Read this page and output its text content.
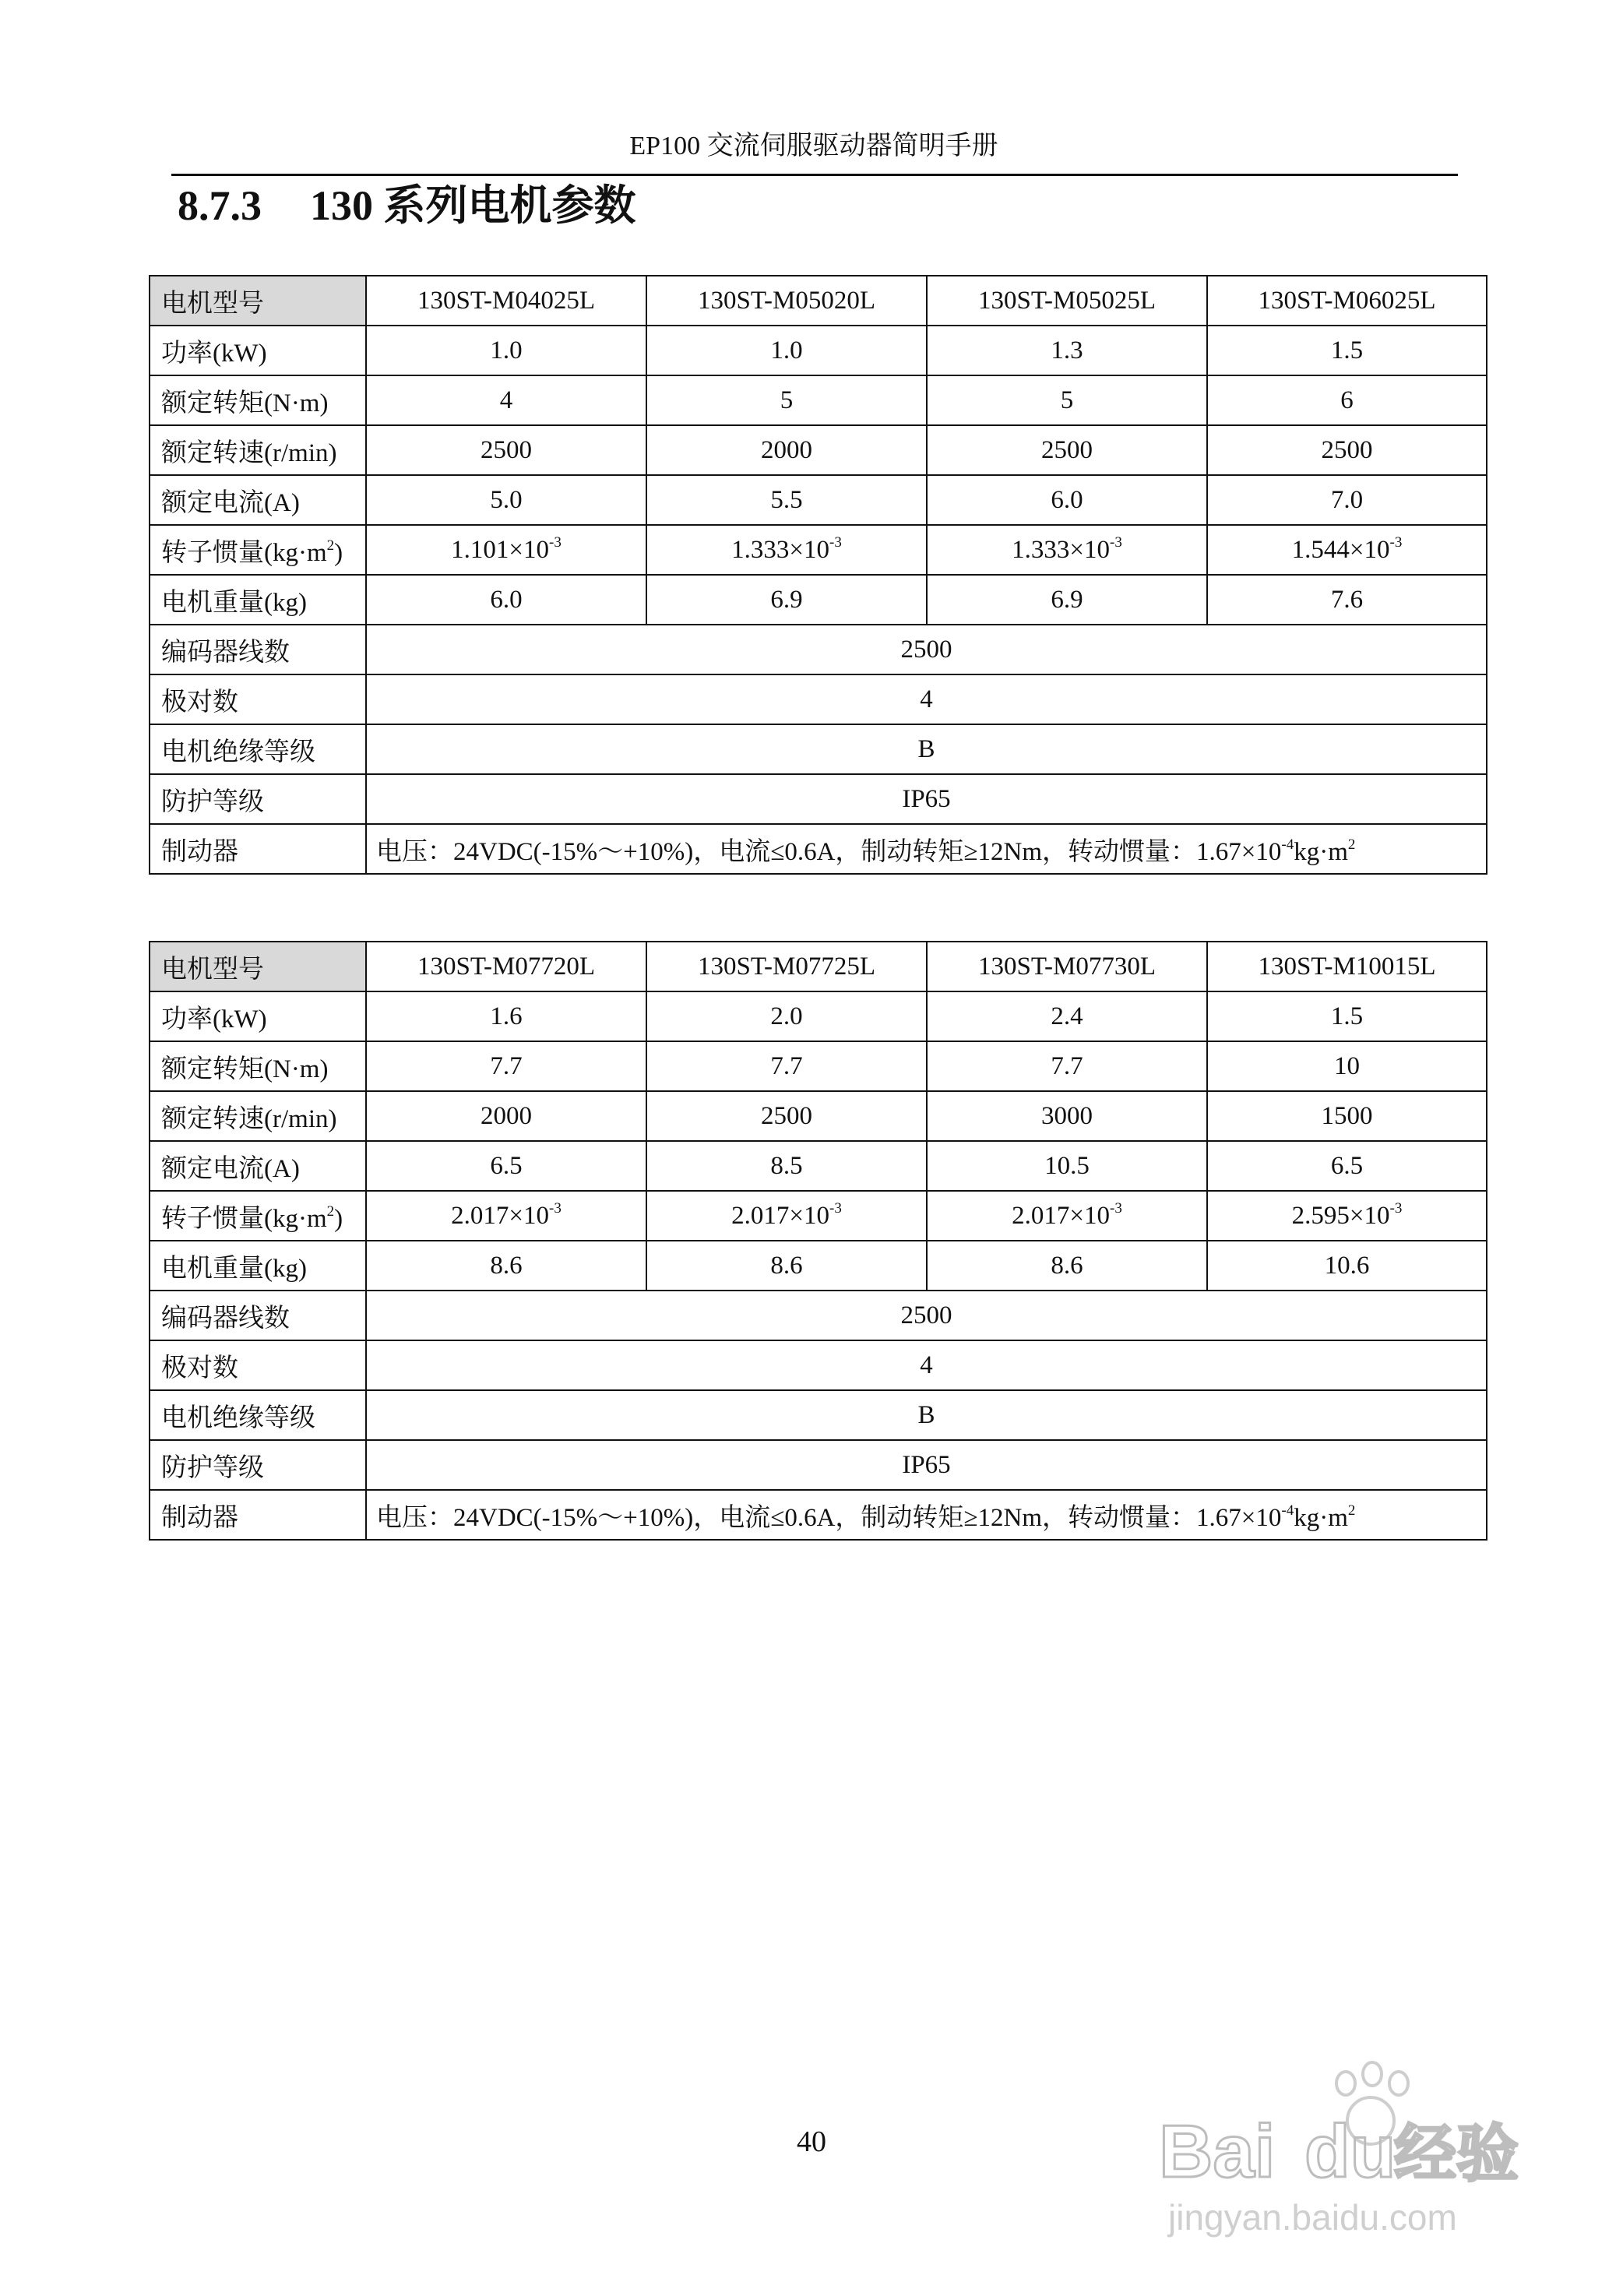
EP100 交流伺服驱动器简明手册
8.7.3 130 系列电机参数
电机型号	130ST-M04025L	130ST-M05020L	130ST-M05025L	130ST-M06025L
功率(kW)	1.0	1.0	1.3	1.5
额定转矩(N·m)	4	5	5	6
额定转速(r/min)	2500	2000	2500	2500
额定电流(A)	5.0	5.5	6.0	7.0
转子惯量$(kg\cdot m^2)$	$1.101\times 10^{-3}$	$1.333\times 10^{-3}$	$1.333\times 10^{-3}$	$1.544\times 10^{-3}$
电机重量(kg)	6.0	6.9	6.9	7.6
编码器线数	2500			
极对数	4			
电机绝缘等级	B			
防护等级	IP65			
制动器	电压：24VDC(-15%～+10%)，电流≤0.6A，制动转矩≥12Nm，转动惯量：$1.67\times 10^{-4}kg\cdot m^2$
电机型号	130ST-M07720L	130ST-M07725L	130ST-M07730L	130ST-M10015L
功率(kW)	1.6	2.0	2.4	1.5
额定转矩(N·m)	7.7	7.7	7.7	10
额定转速(r/min)	2000	2500	3000	1500
额定电流(A)	6.5	8.5	10.5	6.5
转子惯量$(kg\cdot m^2)$	$2.017\times 10^{-3}$	$2.017\times 10^{-3}$	$2.017\times 10^{-3}$	$2.595\times 10^{-3}$
电机重量(kg)	8.6	8.6	8.6	10.6
编码器线数	2500			
极对数	4			
电机绝缘等级	B			
防护等级	IP65			
制动器	电压：24VDC(-15%～+10%)，电流≤0.6A，制动转矩≥12Nm，转动惯量：$1.67\times 10^{-4}kg\cdot m^2$
40	Bai du
经验
jingyan.baidu.com
